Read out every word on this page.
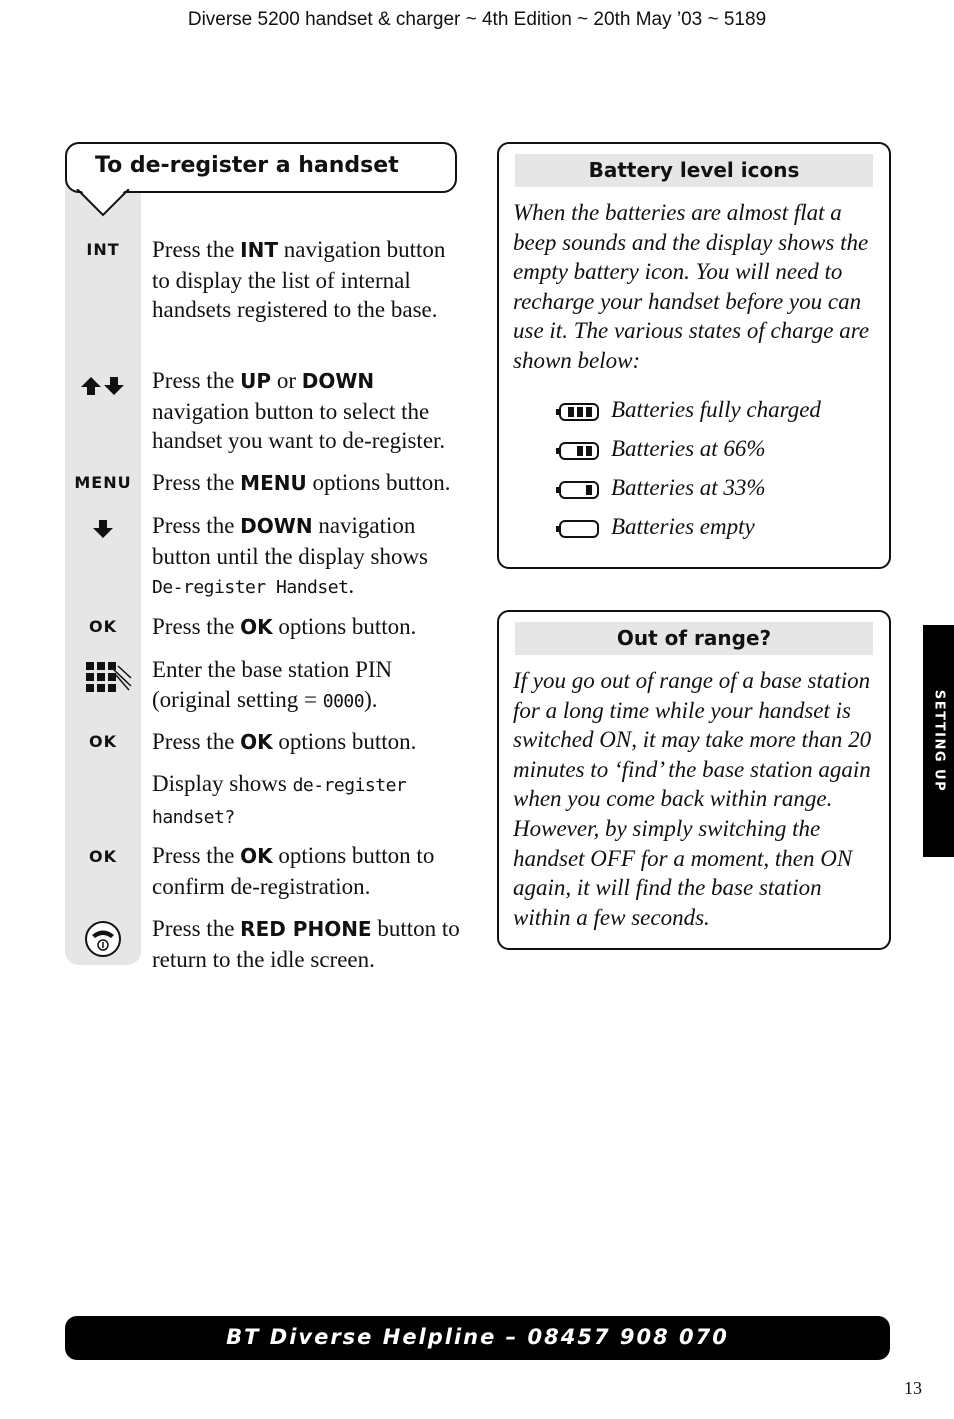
Diverse 5200 handset & charger ~ 4th Edition ~ 20th May ’03 ~ 5189
To de-register a handset
INT	Press the INT navigation button to display the list of internal handsets registered to the base.
Press the UP or DOWN navigation button to select the handset you want to de-register.
MENU Press the MENU options button.
Press the DOWN navigation button until the display shows De-register Handset.
OK	Press the OK options button.
Enter the base station PIN (original setting = 0000).
OK	Press the OK options button.
Display shows de-register handset?
OK	Press the OK options button to confirm de-registration.
Press the RED PHONE button to return to the idle screen.
Battery level icons
When the batteries are almost flat a beep sounds and the display shows the empty battery icon. You will need to recharge your handset before you can use it. The various states of charge are shown below:
Batteries fully charged
Batteries at 66%
Batteries at 33%
Batteries empty
Out of range?
If you go out of range of a base station for a long time while your handset is switched ON, it may take more than 20 minutes to ‘find’ the base station again when you come back within range. However, by simply switching the handset OFF for a moment, then ON again, it will find the base station within a few seconds.
SETTING UP
BT Diverse Helpline – 08457 908 070
13
